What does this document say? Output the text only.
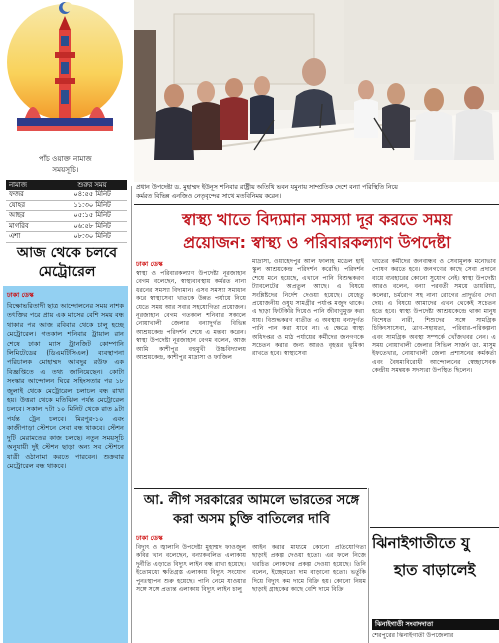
পাঁচ ওয়াক্ত নামাজ
সময়সূচি।
নামাজ	শুরুর সময়
ফজর	০৪:৫৫ মিনিট
যোহর	১১:৩০ মিনিট
আছর	০৫:১৫ মিনিট
মাগরিব	০৬:৫৮ মিনিট
এশা	০৮:৩০ মিনিট
প্রধান উপদেষ্টা ড. মুহাম্মদ ইউনূস শনিবার রাষ্ট্রীয় অতিথি ভবন যমুনায় সাম্প্রতিক দেশে বন্যা পরিস্থিতি নিয়ে
কর্মরত বিভিন্ন এনজিও নেতৃবৃন্দের সাথে মতবিনিময় করেন।
আজ থেকে চলবে
মেট্রোরেল
ঢাকা ডেস্ক
বিক্ষোভরিতাদী ছাত্র আন্দোলনের সময় নাশক তৎক্তির পরে প্রায় এক মাসের বেশি সময় বন্ধ থাকার পর আজ রবিবার থেকে চালু হচ্ছে মেট্রোরেল। গতকাল শনিবার ট্রায়াল রান শেষে ঢাকা ম্যাস ট্রানজিট কোম্পানি লিমিটেডের (ডিএমটিসিএল) ব্যবস্থাপনা পরিচালক মোহাম্মদ আবদুর রউফ এক বিজ্ঞপ্তিতে এ তথ্য জানিয়েছেন। কোটা সংস্কার আন্দোলন ঘিরে সহিংসতার পর ১৮ জুলাই থেকে মেট্রোরেল চলাচল বন্ধ রাখা হয়। উত্তরা থেকে মতিঝিল পর্যন্ত মেট্রোরেল চলবে। সকাল ৭টা ১০ মিনিট থেকে রাত ৯টা পর্যন্ত ট্রেন চলবে। মিরপুর-১০ এবং কাজীপাড়া স্টেশনে সেবা বন্ধ থাকবে। স্টেশন দুটি মেরামতের কাজ চলছে। নতুন সময়সূচি অনুযায়ী দুই স্টেশন ছাড়া অন্য সব স্টেশনে যাত্রী ওঠানামা করতে পারবেন। শুক্রবার মেট্রোরেল বন্ধ থাকবে।
স্বাস্থ্য খাতে বিদ্যমান সমস্যা দূর করতে সময়
প্রয়োজন: স্বাস্থ্য ও পরিবারকল্যাণ উপদেষ্টা
ঢাকা ডেস্ক
স্বাস্থ্য ও পরিবারকল্যাণ উপদেষ্টা নূরজাহান বেগম বলেছেন, স্বাস্থ্যব্যবস্থায় কর্মরত নানা ধরনের সমস্যা বিদ্যমান। এসব সমস্যা সমাধান করে স্বাস্থ্যসেবা খাতকে উন্নত পর্যায়ে নিয়ে যেতে সময় আর সবার সহযোগিতা প্রয়োজন। নূরজাহান বেগম গতকাল শনিবার সকালে নোয়াখালী জেলার বন্যাদুর্গত বিভিন্ন আশ্রয়কেন্দ্র পরিদর্শন শেষে এ মন্তব্য করেন। স্বাস্থ্য উপদেষ্টা নূরজাহান বেগম বলেন, আজ আমি কাশীপুর বহুমুখী উচ্চবিদ্যালয় আশ্রয়কেন্দ্র, কাশীপুর মাদ্রাসা ও ফাজিল
মাদ্রাসা, ওয়াহেদপুর আল ফালাহ মডেল হাই স্কুল আশ্রয়কেন্দ্র পরিদর্শন করেছি। পরিদর্শন শেষে মনে হয়েছে, এখানে পানি বিশুদ্ধকরণ ট্যাবলেটের অপ্রতুল আছে। এ বিষয়ে সংশ্লিষ্টদের নির্দেশ দেওয়া হয়েছে। যেহেতু প্রয়োজনীয় ওষুধ সামগ্রীর পর্যাপ্ত মজুদ থাকে। এ ছাড়া ফিটকিরি দিয়েও পানি জীবাণুমুক্ত করা যায়। বিশুদ্ধকরণ ব্যতীত এ অবস্থায় বন্যদুর্গত পানি পান করা যাবে না। এ ক্ষেত্রে স্বাস্থ্য অধিদপ্তর ও মাঠ পর্যায়ের কর্মীদের জনগণকে সচেতন করার জন্য আরও বৃহত্তর ভূমিকা রাখতে হবে। স্বাস্থ্যসেবা
খাতের কর্মীদের জনবান্ধব ও সেবামূলক মনোভাব পোষণ করতে হবে। জনগণের কাছে সেবা প্রদানে ব্যয়ে ব্যবহারের কোনো সুযোগ নেই। স্বাস্থ্য উপদেষ্টা আরও বলেন, বন্যা পরবর্তী সময়ে ডায়রিয়া, কলেরা, চর্মরোগ সহ নানা রোগের প্রাদুর্ভাব দেখা দেয়। এ বিষয়ে আমাদের এখন থেকেই সচেতন হতে হবে। স্বাস্থ্য উপদেষ্টা আশ্রয়কেন্দ্রে থাকা মানুষ বিশেষত নারী, শিশুদের সঙ্গে সামগ্রিক চিকিৎসাসেবা, ত্রাণ-সহায়তা, পরিবার-পরিকল্পনা এবং সামগ্রিক অবস্থা সম্পর্কে খোঁজখবর নেন। এ সময় নোয়াখালী জেলার সিভিল সার্জন ডা. মাসুম ইফতেখার, নোয়াখালী জেলা প্রশাসনের কর্মকর্তা এবং বৈষম্যবিরোধী আন্দোলনের স্বেচ্ছাসেবক কেন্দ্রীয় সমন্বয়ক সদস্যরা উপস্থিত ছিলেন।
আ. লীগ সরকারের আমলে ভারতের সঙ্গে
করা অসম চুক্তি বাতিলের দাবি
ঢাকা ডেস্ক
বিদ্যুৎ ও জ্বালানি উপদেষ্টা মুহাম্মদ ফাওজুল কবির খান বলেছেন, বন্যাকবলিত এলাকায় দুর্নীতি এড়াতে বিদ্যুৎ লাইন বন্ধ রাখা হয়েছে। ইতোমধ্যে ক্ষতিগ্রস্ত এলাকায় বিদ্যুৎ সংযোগ পুনঃস্থাপন শুরু হয়েছে। পানি নেমে যাওয়ার সঙ্গে সঙ্গে প্রত্যন্ত এলাকায় বিদ্যুৎ লাইন চালু
আইন করার মাধ্যমে কোনো প্রতিযোগিতা ছাড়াই প্রকল্প দেওয়া হতো। এর ফলে নিজে খরচিত লোকদের প্রকল্প দেওয়া হয়েছে। তিনি বলেন, ইচ্ছেমতো দাম বাড়ানো হতো। ভর্তুকি দিয়ে বিদ্যুৎ কম দামে বিক্রি হয়। কোনো নিয়ম ছাড়াই গ্রাহকের কাছে বেশি দামে বিক্রি
ঝিনাইগাতীতে যু
হাত বাড়ালেই
ঝিনাইগাতী সংবাদদাতা
শেরপুরের ঝিনাইগাতী উপজেলার
